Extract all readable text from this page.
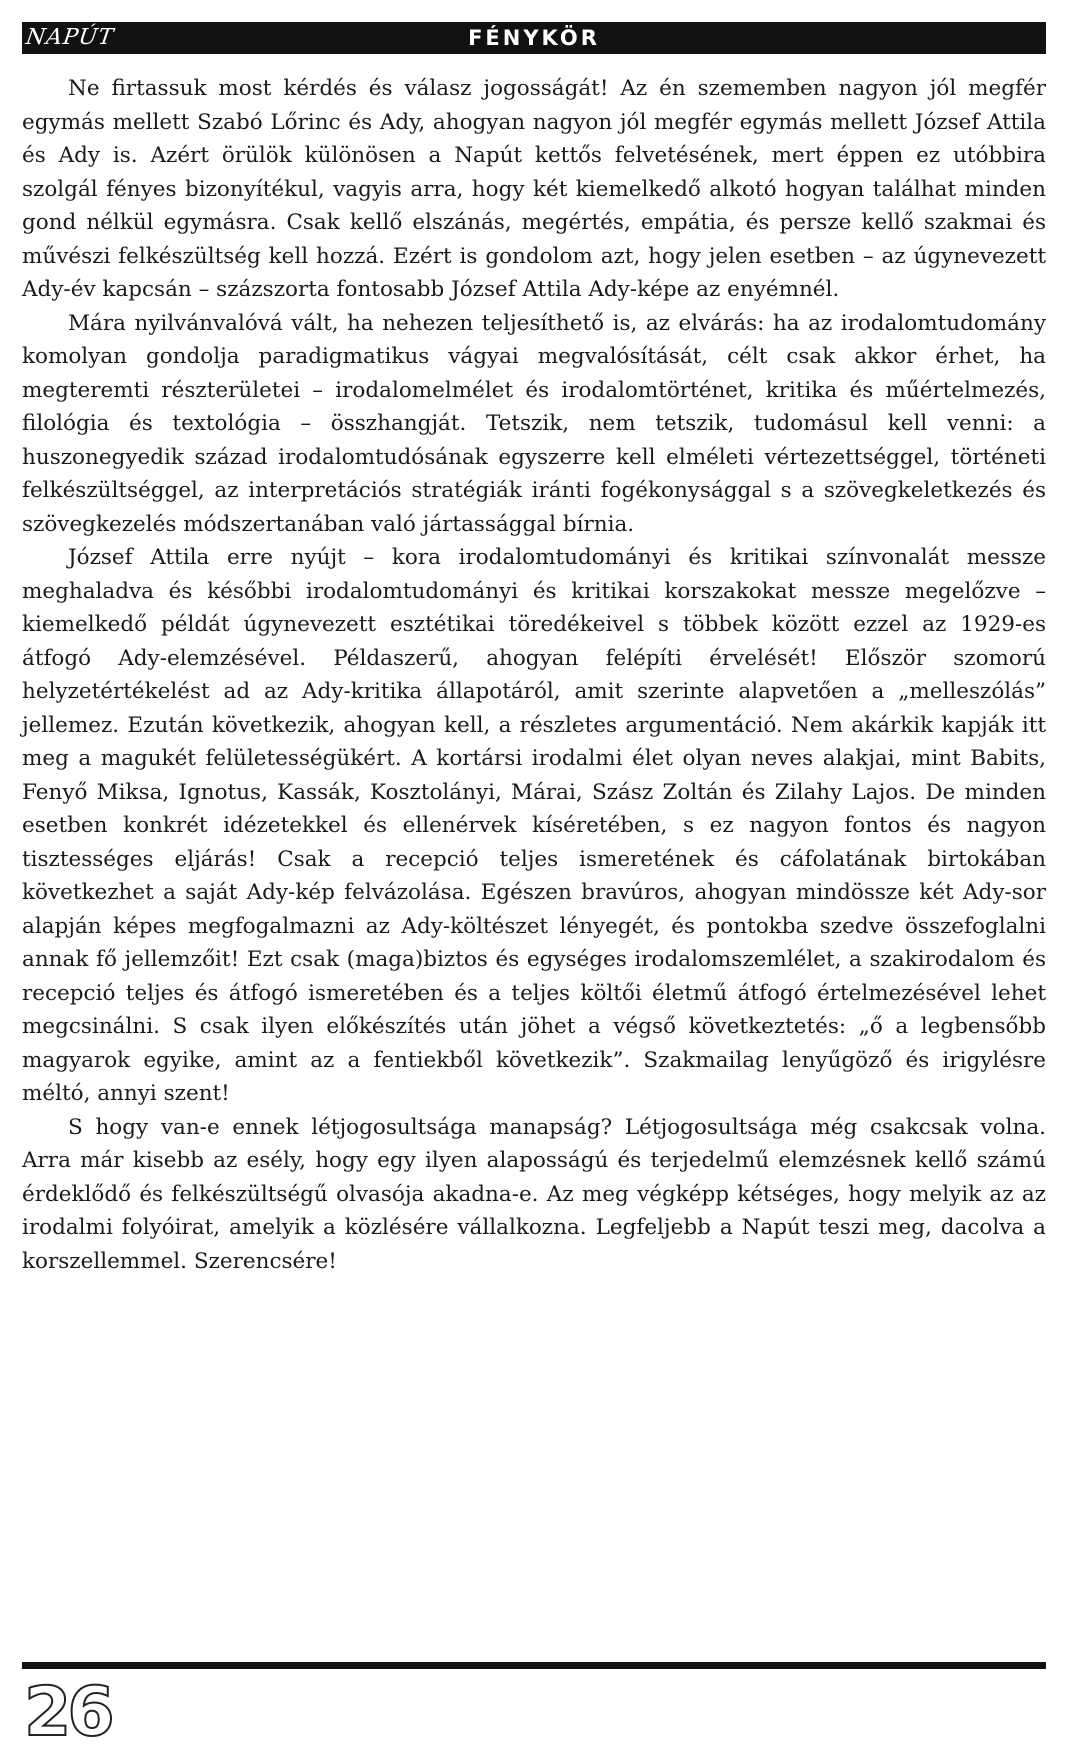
NAPÚT	FÉNYKÖR

Ne firtassuk most kérdés és válasz jogosságát! Az én szememben nagyon jól megfér egymás mellett Szabó Lőrinc és Ady, ahogyan nagyon jól megfér egymás mellett József Attila és Ady is. Azért örülök különösen a Napút kettős felvetésének, mert éppen ez utóbbira szolgál fényes bizonyítékul, vagyis arra, hogy két kiemelkedő alkotó hogyan találhat minden gond nélkül egymásra. Csak kellő elszánás, megértés, empátia, és persze kellő szakmai és művészi felkészültség kell hozzá. Ezért is gondolom azt, hogy jelen esetben – az úgynevezett Ady-év kapcsán – százszorta fontosabb József Attila Ady-képe az enyémnél.

Mára nyilvánvalóvá vált, ha nehezen teljesíthető is, az elvárás: ha az irodalomtudomány komolyan gondolja paradigmatikus vágyai megvalósítását, célt csak akkor érhet, ha megteremti részterületei – irodalomelmélet és irodalomtörténet, kritika és műértelmezés, filológia és textológia – összhangját. Tetszik, nem tetszik, tudomásul kell venni: a huszonegyedik század irodalomtudósának egyszerre kell elméleti vértezettséggel, történeti felkészültséggel, az interpretációs stratégiák iránti fogékonysággal s a szövegkeletkezés és szövegkezelés módszertanában való jártassággal bírnia.

József Attila erre nyújt – kora irodalomtudományi és kritikai színvonalát messze meghaladva és későbbi irodalomtudományi és kritikai korszakokat messze megelőzve – kiemelkedő példát úgynevezett esztétikai töredékeivel s többek között ezzel az 1929-es átfogó Ady-elemzésével. Példaszerű, ahogyan felépíti érvelését! Először szomorú helyzetértékelést ad az Ady-kritika állapotáról, amit szerinte alapvetően a „melleszólás” jellemez. Ezután következik, ahogyan kell, a részletes argumentáció. Nem akárkik kapják itt meg a magukét felületességükért. A kortársi irodalmi élet olyan neves alakjai, mint Babits, Fenyő Miksa, Ignotus, Kassák, Kosztolányi, Márai, Szász Zoltán és Zilahy Lajos. De minden esetben konkrét idézetekkel és ellenérvek kíséretében, s ez nagyon fontos és nagyon tisztességes eljárás! Csak a recepció teljes ismeretének és cáfolatának birtokában következhet a saját Ady-kép felvázolása. Egészen bravúros, ahogyan mindössze két Ady-sor alapján képes megfogalmazni az Ady-költészet lényegét, és pontokba szedve összefoglalni annak fő jellemzőit! Ezt csak (maga)biztos és egységes irodalomszemlélet, a szakirodalom és recepció teljes és átfogó ismeretében és a teljes költői életmű átfogó értelmezésével lehet megcsinálni. S csak ilyen előkészítés után jöhet a végső következtetés: „ő a legbensőbb magyarok egyike, amint az a fentiekből következik”. Szakmailag lenyűgöző és irigylésre méltó, annyi szent!

S hogy van-e ennek létjogosultsága manapság? Létjogosultsága még csakcsak volna. Arra már kisebb az esély, hogy egy ilyen alaposságú és terjedelmű elemzésnek kellő számú érdeklődő és felkészültségű olvasója akadna-e. Az meg végképp kétséges, hogy melyik az az irodalmi folyóirat, amelyik a közlésére vállalkozna. Legfeljebb a Napút teszi meg, dacolva a korszellemmel. Szerencsére!

26
